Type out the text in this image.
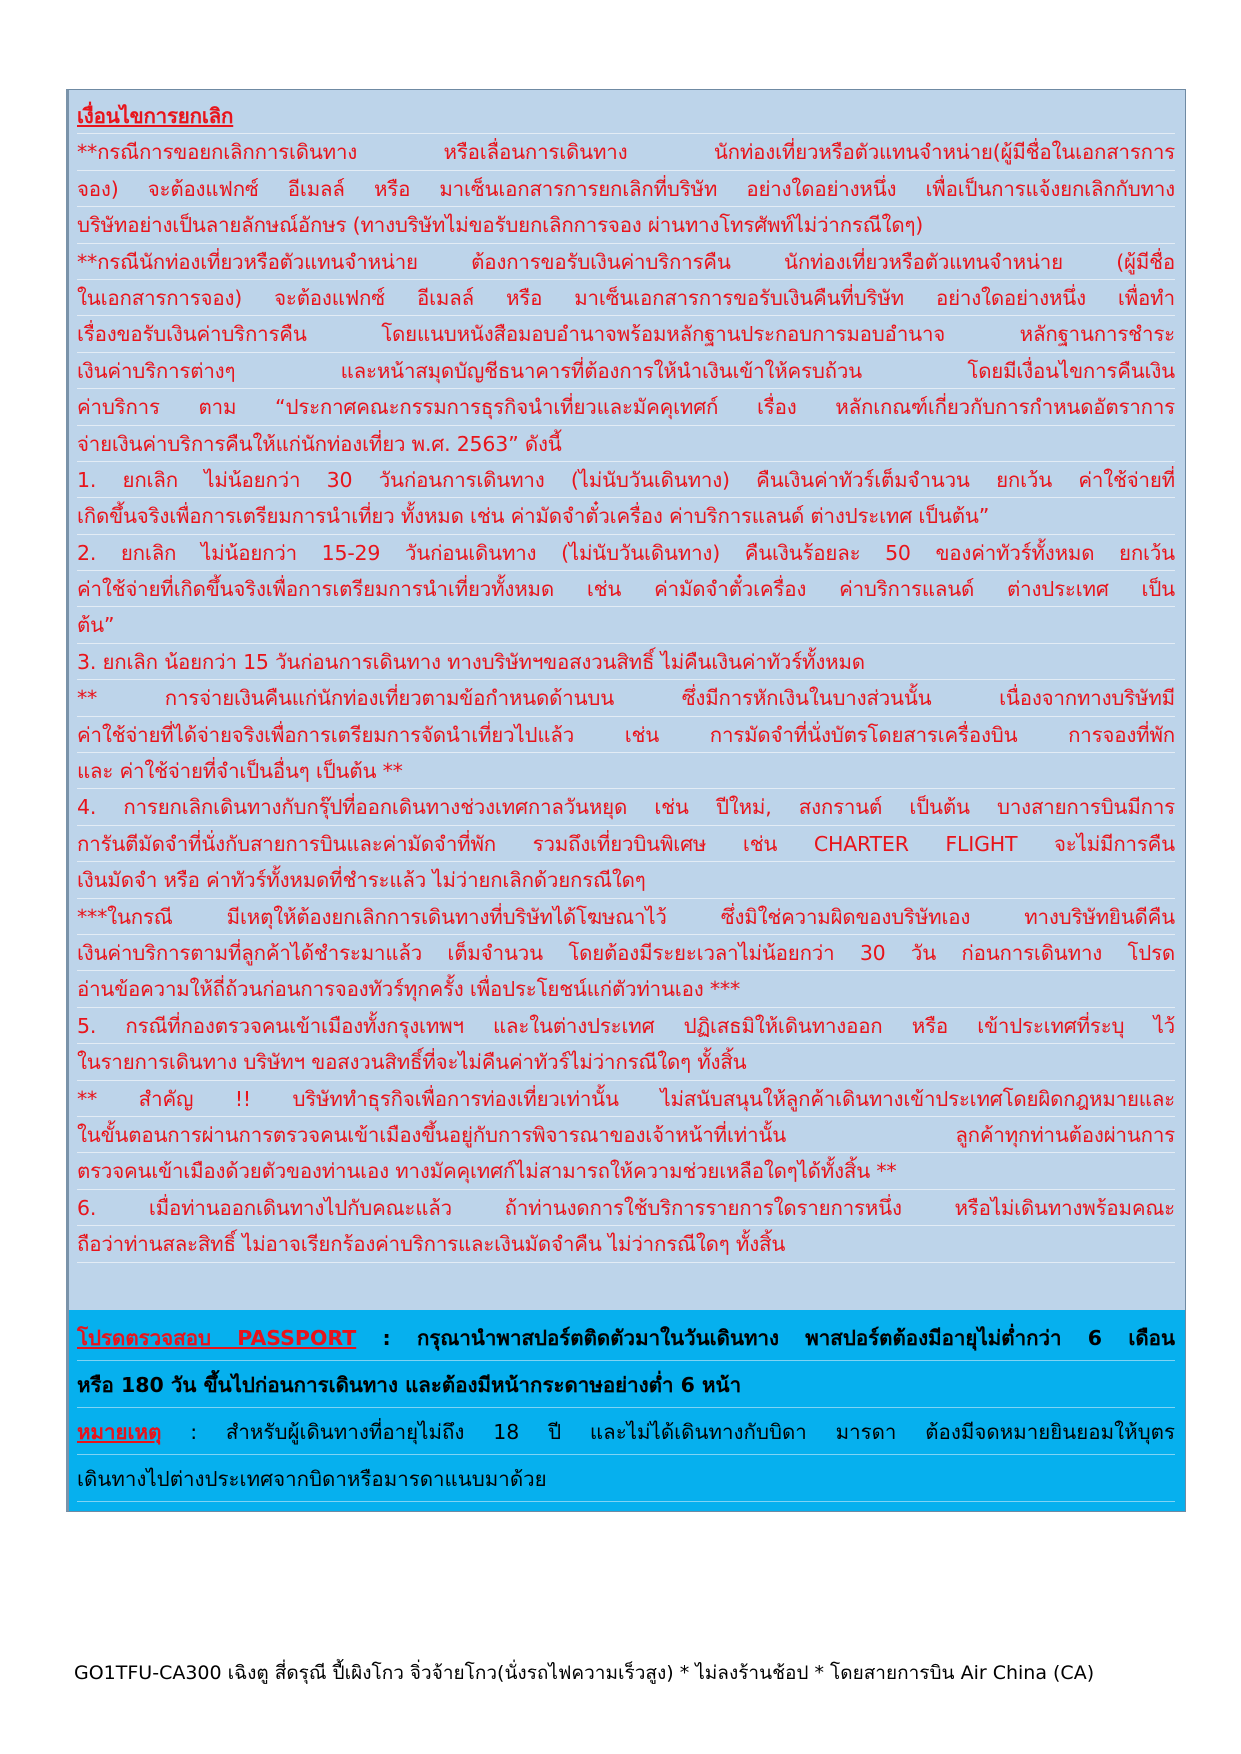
เงื่อนไขการยกเลิก
**กรณีการขอยกเลิกการเดินทาง หรือเลื่อนการเดินทาง นักท่องเที่ยวหรือตัวแทนจำหน่าย(ผู้มีชื่อในเอกสารการ
จอง) จะต้องแฟกซ์ อีเมลล์ หรือ มาเซ็นเอกสารการยกเลิกที่บริษัท อย่างใดอย่างหนึ่ง เพื่อเป็นการแจ้งยกเลิกกับทาง
บริษัทอย่างเป็นลายลักษณ์อักษร (ทางบริษัทไม่ขอรับยกเลิกการจอง ผ่านทางโทรศัพท์ไม่ว่ากรณีใดๆ)
**กรณีนักท่องเที่ยวหรือตัวแทนจำหน่าย ต้องการขอรับเงินค่าบริการคืน นักท่องเที่ยวหรือตัวแทนจำหน่าย (ผู้มีชื่อ
ในเอกสารการจอง) จะต้องแฟกซ์ อีเมลล์ หรือ มาเซ็นเอกสารการขอรับเงินคืนที่บริษัท อย่างใดอย่างหนึ่ง เพื่อทำ
เรื่องขอรับเงินค่าบริการคืน โดยแนบหนังสือมอบอำนาจพร้อมหลักฐานประกอบการมอบอำนาจ หลักฐานการชำระ
เงินค่าบริการต่างๆ และหน้าสมุดบัญชีธนาคารที่ต้องการให้นำเงินเข้าให้ครบถ้วน โดยมีเงื่อนไขการคืนเงิน
ค่าบริการ ตาม “ประกาศคณะกรรมการธุรกิจนำเที่ยวและมัคคุเทศก์ เรื่อง หลักเกณฑ์เกี่ยวกับการกำหนดอัตราการ
จ่ายเงินค่าบริการคืนให้แก่นักท่องเที่ยว พ.ศ. 2563” ดังนี้
1. ยกเลิก ไม่น้อยกว่า 30 วันก่อนการเดินทาง (ไม่นับวันเดินทาง) คืนเงินค่าทัวร์เต็มจำนวน ยกเว้น ค่าใช้จ่ายที่
เกิดขึ้นจริงเพื่อการเตรียมการนำเที่ยว ทั้งหมด เช่น ค่ามัดจำตั๋วเครื่อง ค่าบริการแลนด์ ต่างประเทศ เป็นต้น”
2. ยกเลิก ไม่น้อยกว่า 15-29 วันก่อนเดินทาง (ไม่นับวันเดินทาง) คืนเงินร้อยละ 50 ของค่าทัวร์ทั้งหมด ยกเว้น
ค่าใช้จ่ายที่เกิดขึ้นจริงเพื่อการเตรียมการนำเที่ยวทั้งหมด เช่น ค่ามัดจำตั๋วเครื่อง ค่าบริการแลนด์ ต่างประเทศ เป็น
ต้น”
3. ยกเลิก น้อยกว่า 15 วันก่อนการเดินทาง ทางบริษัทฯขอสงวนสิทธิ์ ไม่คืนเงินค่าทัวร์ทั้งหมด
** การจ่ายเงินคืนแก่นักท่องเที่ยวตามข้อกำหนดด้านบน ซึ่งมีการหักเงินในบางส่วนนั้น เนื่องจากทางบริษัทมี
ค่าใช้จ่ายที่ได้จ่ายจริงเพื่อการเตรียมการจัดนำเที่ยวไปแล้ว เช่น การมัดจำที่นั่งบัตรโดยสารเครื่องบิน การจองที่พัก
และ ค่าใช้จ่ายที่จำเป็นอื่นๆ เป็นต้น **
4. การยกเลิกเดินทางกับกรุ๊ปที่ออกเดินทางช่วงเทศกาลวันหยุด เช่น ปีใหม่, สงกรานต์ เป็นต้น บางสายการบินมีการ
การันตีมัดจำที่นั่งกับสายการบินและค่ามัดจำที่พัก รวมถึงเที่ยวบินพิเศษ เช่น CHARTER FLIGHT จะไม่มีการคืน
เงินมัดจำ หรือ ค่าทัวร์ทั้งหมดที่ชำระแล้ว ไม่ว่ายกเลิกด้วยกรณีใดๆ
***ในกรณี มีเหตุให้ต้องยกเลิกการเดินทางที่บริษัทได้โฆษณาไว้ ซึ่งมิใช่ความผิดของบริษัทเอง ทางบริษัทยินดีคืน
เงินค่าบริการตามที่ลูกค้าได้ชำระมาแล้ว เต็มจำนวน โดยต้องมีระยะเวลาไม่น้อยกว่า 30 วัน ก่อนการเดินทาง โปรด
อ่านข้อความให้ถี่ถ้วนก่อนการจองทัวร์ทุกครั้ง เพื่อประโยชน์แก่ตัวท่านเอง ***
5. กรณีที่กองตรวจคนเข้าเมืองทั้งกรุงเทพฯ และในต่างประเทศ ปฏิเสธมิให้เดินทางออก หรือ เข้าประเทศที่ระบุ ไว้
ในรายการเดินทาง บริษัทฯ ขอสงวนสิทธิ์ที่จะไม่คืนค่าทัวร์ไม่ว่ากรณีใดๆ ทั้งสิ้น
** สำคัญ !! บริษัททำธุรกิจเพื่อการท่องเที่ยวเท่านั้น ไม่สนับสนุนให้ลูกค้าเดินทางเข้าประเทศโดยผิดกฎหมายและ
ในขั้นตอนการผ่านการตรวจคนเข้าเมืองขึ้นอยู่กับการพิจารณาของเจ้าหน้าที่เท่านั้น ลูกค้าทุกท่านต้องผ่านการ
ตรวจคนเข้าเมืองด้วยตัวของท่านเอง ทางมัคคุเทศก์ไม่สามารถให้ความช่วยเหลือใดๆได้ทั้งสิ้น **
6. เมื่อท่านออกเดินทางไปกับคณะแล้ว ถ้าท่านงดการใช้บริการรายการใดรายการหนึ่ง หรือไม่เดินทางพร้อมคณะ
ถือว่าท่านสละสิทธิ์ ไม่อาจเรียกร้องค่าบริการและเงินมัดจำคืน ไม่ว่ากรณีใดๆ ทั้งสิ้น
โปรดตรวจสอบ PASSPORT : กรุณานำพาสปอร์ตติดตัวมาในวันเดินทาง พาสปอร์ตต้องมีอายุไม่ต่ำกว่า 6 เดือน
หรือ 180 วัน ขึ้นไปก่อนการเดินทาง และต้องมีหน้ากระดาษอย่างต่ำ 6 หน้า
หมายเหตุ : สำหรับผู้เดินทางที่อายุไม่ถึง 18 ปี และไม่ได้เดินทางกับบิดา มารดา ต้องมีจดหมายยินยอมให้บุตร
เดินทางไปต่างประเทศจากบิดาหรือมารดาแนบมาด้วย
GO1TFU-CA300 เฉิงตู สี่ดรุณี ปี้เผิงโกว จิ่วจ้ายโกว(นั่งรถไฟความเร็วสูง) * ไม่ลงร้านช้อป * โดยสายการบิน Air China (CA)
